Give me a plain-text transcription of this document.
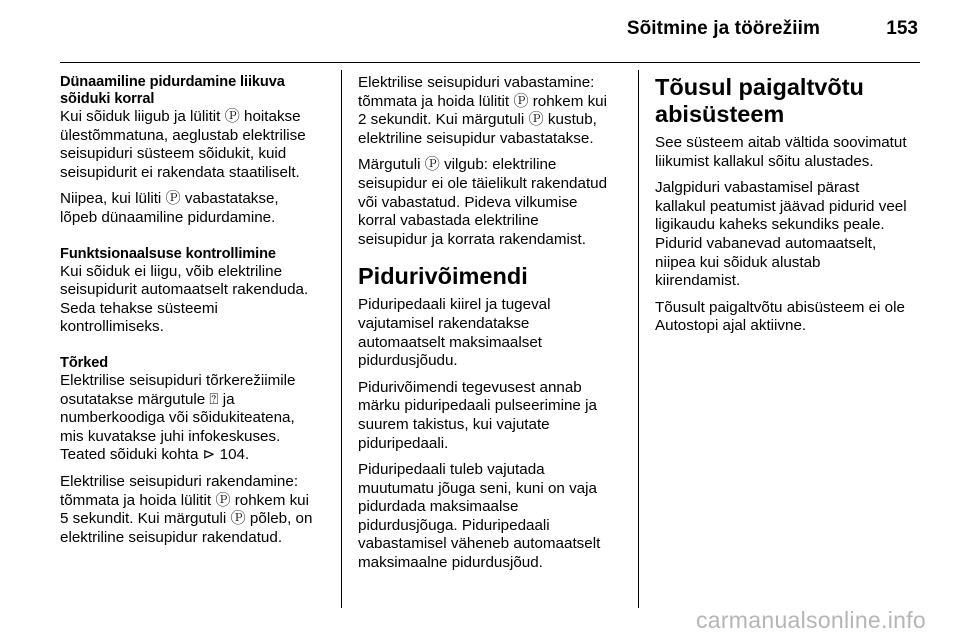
Sõitmine ja töörežiim	153
Dünaamiline pidurdamine liikuva
sõiduki korral

Kui sõiduk liigub ja lülitit Ⓟ hoitakse
ülestõmmatuna, aeglustab elektrilise
seisupiduri süsteem sõidukit, kuid
seisupidurit ei rakendata staatiliselt.

Niipea, kui lüliti Ⓟ vabastatakse,
lõpeb dünaamiline pidurdamine.

Funktsionaalsuse kontrollimine

Kui sõiduk ei liigu, võib elektriline
seisupidurit automaatselt rakenduda.
Seda tehakse süsteemi
kontrollimiseks.

Tõrked

Elektrilise seisupiduri tõrkerežiimile
osutatakse märgutule ⍰ ja
numberkoodiga või sõidukiteatena,
mis kuvatakse juhi infokeskuses.
Teated sõiduki kohta ⊳ 104.

Elektrilise seisupiduri rakendamine:
tõmmata ja hoida lülitit Ⓟ rohkem kui
5 sekundit. Kui märgutuli Ⓟ põleb, on
elektriline seisupidur rakendatud.

Elektrilise seisupiduri vabastamine:
tõmmata ja hoida lülitit Ⓟ rohkem kui
2 sekundit. Kui märgutuli Ⓟ kustub,
elektriline seisupidur vabastatakse.

Märgutuli Ⓟ vilgub: elektriline
seisupidur ei ole täielikult rakendatud
või vabastatud. Pideva vilkumise
korral vabastada elektriline
seisupidur ja korrata rakendamist.

Pidurivõimendi

Piduripedaali kiirel ja tugeval
vajutamisel rakendatakse
automaatselt maksimaalset
pidurdusjõudu.

Pidurivõimendi tegevusest annab
märku piduripedaali pulseerimine ja
suurem takistus, kui vajutate
piduripedaali.

Piduripedaali tuleb vajutada
muutumatu jõuga seni, kuni on vaja
pidurdada maksimaalse
pidurdusjõuga. Piduripedaali
vabastamisel väheneb automaatselt
maksimaalne pidurdusjõud.

Tõusul paigaltvõtu
abisüsteem

See süsteem aitab vältida soovimatut
liikumist kallakul sõitu alustades.

Jalgpiduri vabastamisel pärast
kallakul peatumist jäävad pidurid veel
ligikaudu kaheks sekundiks peale.
Pidurid vabanevad automaatselt,
niipea kui sõiduk alustab
kiirendamist.

Tõusult paigaltvõtu abisüsteem ei ole
Autostopi ajal aktiivne.

carmanualsonline.info
